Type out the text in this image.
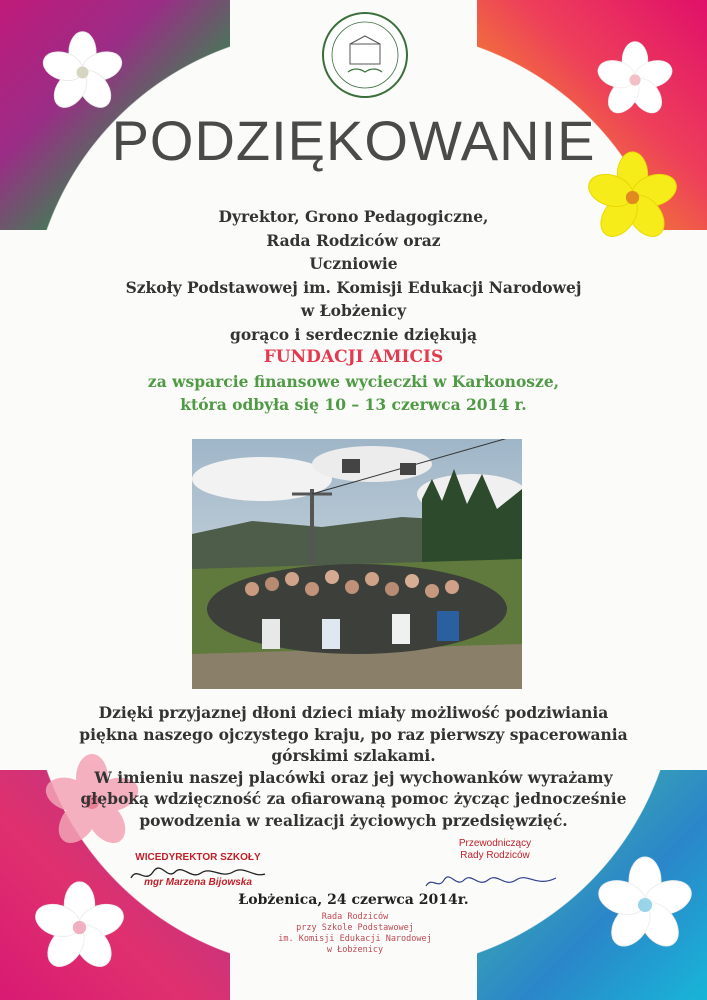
PODZIĘKOWANIE
Dyrektor, Grono Pedagogiczne,
Rada Rodziców oraz
Uczniowie
Szkoły Podstawowej im. Komisji Edukacji Narodowej
w Łobżenicy
gorąco i serdecznie dziękują
FUNDACJI AMICIS
za wsparcie finansowe wycieczki w Karkonosze,
która odbyła się 10 – 13 czerwca 2014 r.
Dzięki przyjaznej dłoni dzieci miały możliwość podziwiania
piękna naszego ojczystego kraju, po raz pierwszy spacerowania
górskimi szlakami.
W imieniu naszej placówki oraz jej wychowanków wyrażamy
głęboką wdzięczność za ofiarowaną pomoc życząc jednocześnie
powodzenia w realizacji życiowych przedsięwzięć.
WICEDYREKTOR SZKOŁY
mgr Marzena Bijowska
Przewodniczący
Rady Rodziców
Łobżenica, 24 czerwca 2014r.
Rada Rodziców
przy Szkole Podstawowej
im. Komisji Edukacji Narodowej
w Łobżenicy
